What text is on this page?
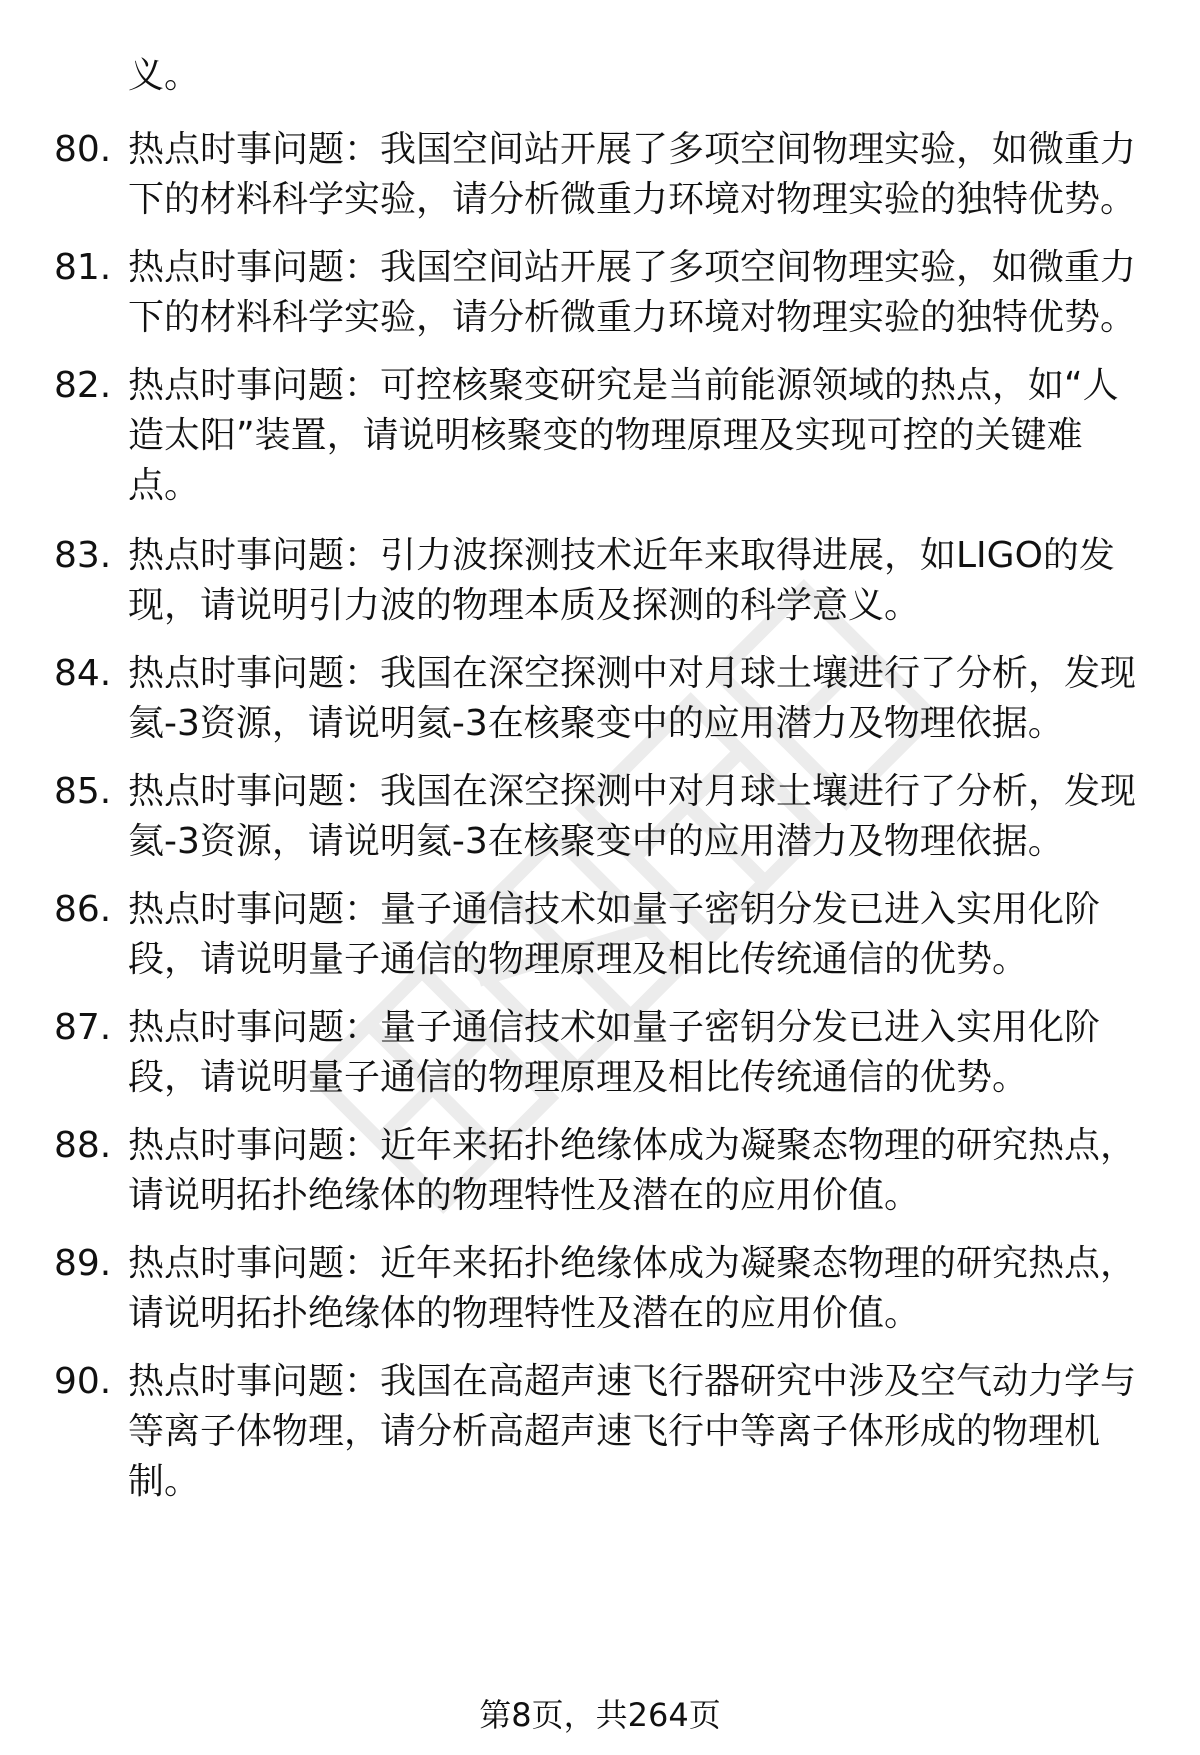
义。
80. 热点时事问题：我国空间站开展了多项空间物理实验，如微重力
下的材料科学实验，请分析微重力环境对物理实验的独特优势。
81. 热点时事问题：我国空间站开展了多项空间物理实验，如微重力
下的材料科学实验，请分析微重力环境对物理实验的独特优势。
82. 热点时事问题：可控核聚变研究是当前能源领域的热点，如“人
造太阳”装置，请说明核聚变的物理原理及实现可控的关键难
点。
83. 热点时事问题：引力波探测技术近年来取得进展，如LIGO的发
现，请说明引力波的物理本质及探测的科学意义。
84. 热点时事问题：我国在深空探测中对月球土壤进行了分析，发现
氦-3资源，请说明氦-3在核聚变中的应用潜力及物理依据。
85. 热点时事问题：我国在深空探测中对月球土壤进行了分析，发现
氦-3资源，请说明氦-3在核聚变中的应用潜力及物理依据。
86. 热点时事问题：量子通信技术如量子密钥分发已进入实用化阶
段，请说明量子通信的物理原理及相比传统通信的优势。
87. 热点时事问题：量子通信技术如量子密钥分发已进入实用化阶
段，请说明量子通信的物理原理及相比传统通信的优势。
88. 热点时事问题：近年来拓扑绝缘体成为凝聚态物理的研究热点，
请说明拓扑绝缘体的物理特性及潜在的应用价值。
89. 热点时事问题：近年来拓扑绝缘体成为凝聚态物理的研究热点，
请说明拓扑绝缘体的物理特性及潜在的应用价值。
90. 热点时事问题：我国在高超声速飞行器研究中涉及空气动力学与
等离子体物理，请分析高超声速飞行中等离子体形成的物理机
制。
第8页，共264页
